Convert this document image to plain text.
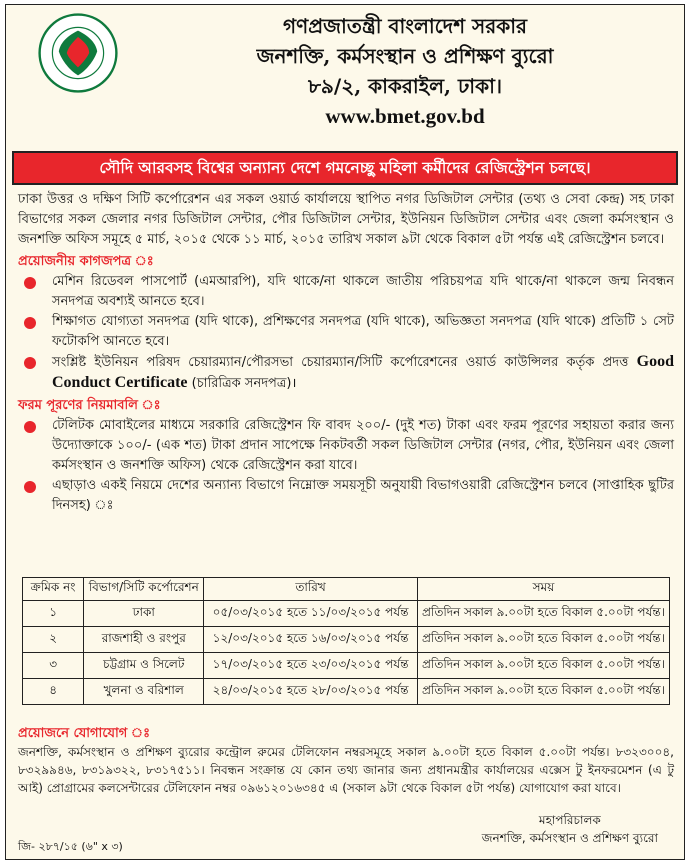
গণপ্রজাতন্ত্রী বাংলাদেশ সরকার
জনশক্তি, কর্মসংস্থান ও প্রশিক্ষণ ব্যুরো
৮৯/২, কাকরাইল, ঢাকা।
www.bmet.gov.bd
সৌদি আরবসহ বিশ্বের অন্যান্য দেশে গমনেচ্ছু মহিলা কর্মীদের রেজিস্ট্রেশন চলছে।
ঢাকা উত্তর ও দক্ষিণ সিটি কর্পোরেশন এর সকল ওয়ার্ড কার্যালয়ে স্থাপিত নগর ডিজিটাল সেন্টার (তথ্য ও সেবা কেন্দ্র) সহ ঢাকা বিভাগের সকল জেলার নগর ডিজিটাল সেন্টার, পৌর ডিজিটাল সেন্টার, ইউনিয়ন ডিজিটাল সেন্টার এবং জেলা কর্মসংস্থান ও জনশক্তি অফিস সমূহে ৫ মার্চ, ২০১৫ থেকে ১১ মার্চ, ২০১৫ তারিখ সকাল ৯টা থেকে বিকাল ৫টা পর্যন্ত এই রেজিস্ট্রেশন চলবে।
প্রয়োজনীয় কাগজপত্র ঃ
মেশিন রিডেবল পাসপোর্ট (এমআরপি), যদি থাকে/না থাকলে জাতীয় পরিচয়পত্র যদি থাকে/না থাকলে জন্ম নিবন্ধন সনদপত্র অবশ্যই আনতে হবে।
শিক্ষাগত যোগ্যতা সনদপত্র (যদি থাকে), প্রশিক্ষণের সনদপত্র (যদি থাকে), অভিজ্ঞতা সনদপত্র (যদি থাকে) প্রতিটি ১ সেট ফটোকপি আনতে হবে।
সংশ্লিষ্ট ইউনিয়ন পরিষদ চেয়ারম্যান/পৌরসভা চেয়ারম্যান/সিটি কর্পোরেশনের ওয়ার্ড কাউন্সিলর কর্তৃক প্রদত্ত Good Conduct Certificate (চারিত্রিক সনদপত্র)।
ফরম পূরণের নিয়মাবলি ঃ
টেলিটক মোবাইলের মাধ্যমে সরকারি রেজিস্ট্রেশন ফি বাবদ ২০০/- (দুই শত) টাকা এবং ফরম পূরণের সহায়তা করার জন্য উদ্যোক্তাকে ১০০/- (এক শত) টাকা প্রদান সাপেক্ষে নিকটবর্তী সকল ডিজিটাল সেন্টার (নগর, পৌর, ইউনিয়ন এবং জেলা কর্মসংস্থান ও জনশক্তি অফিস) থেকে রেজিস্ট্রেশন করা যাবে।
এছাড়াও একই নিয়মে দেশের অন্যান্য বিভাগে নিম্নোক্ত সময়সূচী অনুযায়ী বিভাগওয়ারী রেজিস্ট্রেশন চলবে (সাপ্তাহিক ছুটির দিনসহ) ঃ
ক্রমিক নং	বিভাগ/সিটি কর্পোরেশন	তারিখ	সময়
১	ঢাকা	০৫/০৩/২০১৫ হতে ১১/০৩/২০১৫ পর্যন্ত	প্রতিদিন সকাল ৯.০০টা হতে বিকাল ৫.০০টা পর্যন্ত।
২	রাজশাহী ও রংপুর	১২/০৩/২০১৫ হতে ১৬/০৩/২০১৫ পর্যন্ত	প্রতিদিন সকাল ৯.০০টা হতে বিকাল ৫.০০টা পর্যন্ত।
৩	চট্টগ্রাম ও সিলেট	১৭/০৩/২০১৫ হতে ২৩/০৩/২০১৫ পর্যন্ত	প্রতিদিন সকাল ৯.০০টা হতে বিকাল ৫.০০টা পর্যন্ত।
৪	খুলনা ও বরিশাল	২৪/০৩/২০১৫ হতে ২৮/০৩/২০১৫ পর্যন্ত	প্রতিদিন সকাল ৯.০০টা হতে বিকাল ৫.০০টা পর্যন্ত।
প্রয়োজনে যোগাযোগ ঃ
জনশক্তি, কর্মসংস্থান ও প্রশিক্ষণ ব্যুরোর কন্ট্রোল রুমের টেলিফোন নম্বরসমূহে সকাল ৯.০০টা হতে বিকাল ৫.০০টা পর্যন্ত। ৮৩২৩০০৪, ৮৩২৯৯৪৬, ৮৩১৯৩২২, ৮৩১৭৫১১। নিবন্ধন সংক্রান্ত যে কোন তথ্য জানার জন্য প্রধানমন্ত্রীর কার্যালয়ের এক্সেস টু ইনফরমেশন (এ টু আই) প্রোগ্রামের কলসেন্টারের টেলিফোন নম্বর ০৯৬১২০১৬৩৪৫ এ (সকাল ৯টা থেকে বিকাল ৫টা পর্যন্ত) যোগাযোগ করা যাবে।
মহাপরিচালক
জনশক্তি, কর্মসংস্থান ও প্রশিক্ষণ ব্যুরো
জি- ২৮৭/১৫ (৬" x ৩)
